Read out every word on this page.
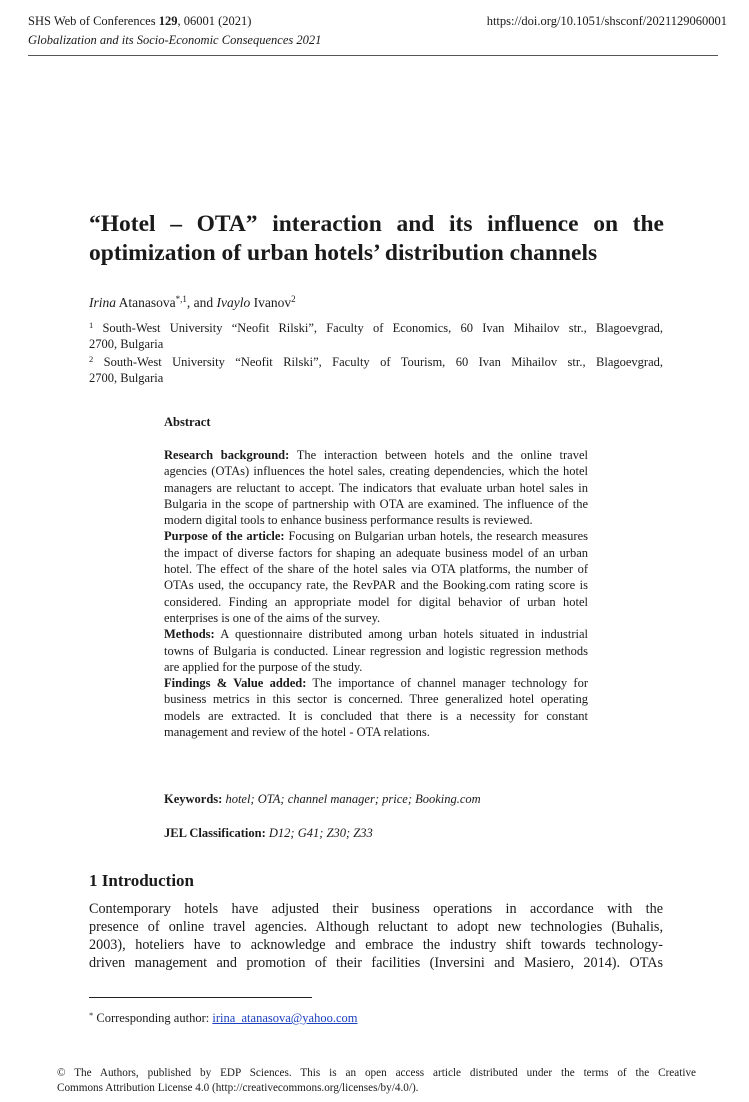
SHS Web of Conferences 129, 06001 (2021)	https://doi.org/10.1051/shsconf/2021129060001
Globalization and its Socio-Economic Consequences 2021
“Hotel – OTA” interaction and its influence on the
optimization of urban hotels’ distribution channels
Irina Atanasova$^{*,1}$, and Ivaylo Ivanov$^2$
$^1$ South-West University “Neofit Rilski”, Faculty of Economics, 60 Ivan Mihailov str., Blagoevgrad,
2700, Bulgaria
$^2$ South-West University “Neofit Rilski”, Faculty of Tourism, 60 Ivan Mihailov str., Blagoevgrad,
2700, Bulgaria
Abstract

Research background: The interaction between hotels and the online travel agencies (OTAs) influences the hotel sales, creating dependencies, which the hotel managers are reluctant to accept. The indicators that evaluate urban hotel sales in Bulgaria in the scope of partnership with OTA are examined. The influence of the modern digital tools to enhance business performance results is reviewed.

Purpose of the article: Focusing on Bulgarian urban hotels, the research measures the impact of diverse factors for shaping an adequate business model of an urban hotel. The effect of the share of the hotel sales via OTA platforms, the number of OTAs used, the occupancy rate, the RevPAR and the Booking.com rating score is considered. Finding an appropriate model for digital behavior of urban hotel enterprises is one of the aims of the survey.

Methods: A questionnaire distributed among urban hotels situated in industrial towns of Bulgaria is conducted. Linear regression and logistic regression methods are applied for the purpose of the study.

Findings & Value added: The importance of channel manager technology for business metrics in this sector is concerned. Three generalized hotel operating models are extracted. It is concluded that there is a necessity for constant management and review of the hotel - OTA relations.

Keywords: hotel; OTA; channel manager; price; Booking.com
JEL Classification: D12; G41; Z30; Z33
1 Introduction
Contemporary hotels have adjusted their business operations in accordance with the
presence of online travel agencies. Although reluctant to adopt new technologies (Buhalis,
2003), hoteliers have to acknowledge and embrace the industry shift towards technology-
driven management and promotion of their facilities (Inversini and Masiero, 2014). OTAs
* Corresponding author: irina_atanasova@yahoo.com
© The Authors, published by EDP Sciences. This is an open access article distributed under the terms of the Creative
Commons Attribution License 4.0 (http://creativecommons.org/licenses/by/4.0/).
